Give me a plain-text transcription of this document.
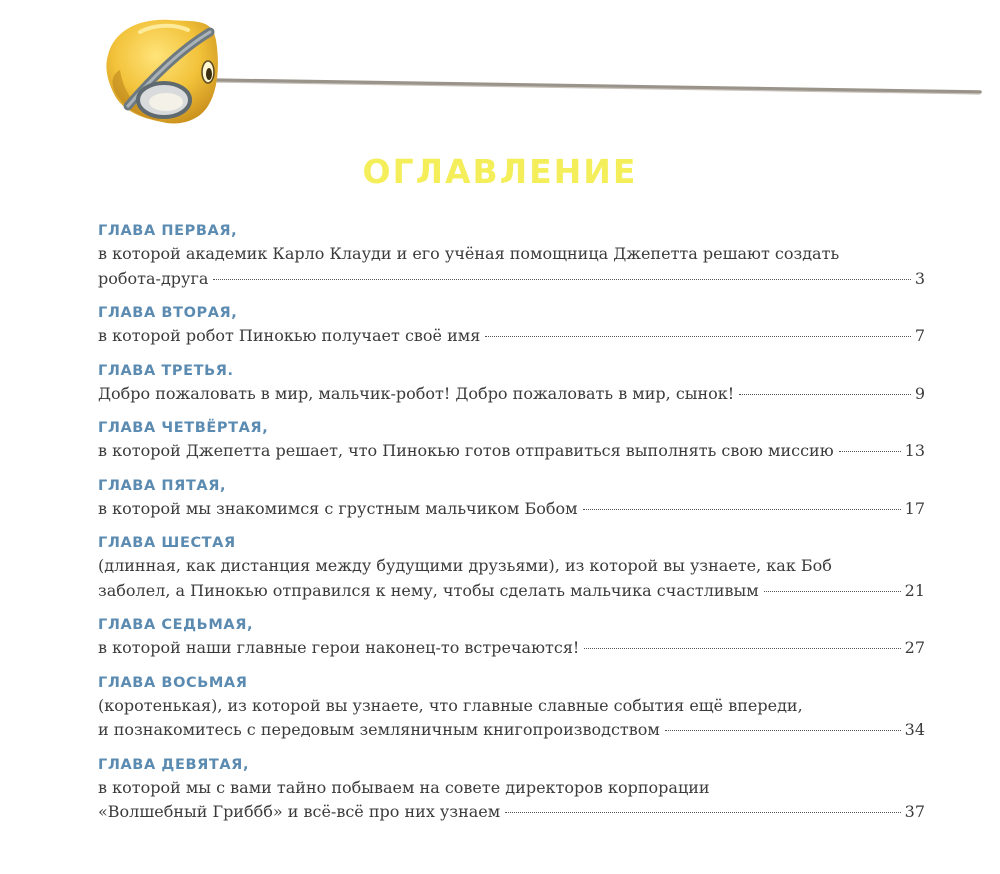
ОГЛАВЛЕНИЕ
ГЛАВА ПЕРВАЯ,
в которой академик Карло Клауди и его учёная помощница Джепетта решают создать
робота-друга	3
ГЛАВА ВТОРАЯ,
в которой робот Пинокью получает своё имя	7
ГЛАВА ТРЕТЬЯ.
Добро пожаловать в мир, мальчик-робот! Добро пожаловать в мир, сынок!	9
ГЛАВА ЧЕТВЁРТАЯ,
в которой Джепетта решает, что Пинокью готов отправиться выполнять свою миссию	13
ГЛАВА ПЯТАЯ,
в которой мы знакомимся с грустным мальчиком Бобом	17
ГЛАВА ШЕСТАЯ
(длинная, как дистанция между будущими друзьями), из которой вы узнаете, как Боб
заболел, а Пинокью отправился к нему, чтобы сделать мальчика счастливым	21
ГЛАВА СЕДЬМАЯ,
в которой наши главные герои наконец-то встречаются!	27
ГЛАВА ВОСЬМАЯ
(коротенькая), из которой вы узнаете, что главные славные события ещё впереди,
и познакомитесь с передовым земляничным книгопроизводством	34
ГЛАВА ДЕВЯТАЯ,
в которой мы с вами тайно побываем на совете директоров корпорации
«Волшебный Гриббб» и всё-всё про них узнаем	37
